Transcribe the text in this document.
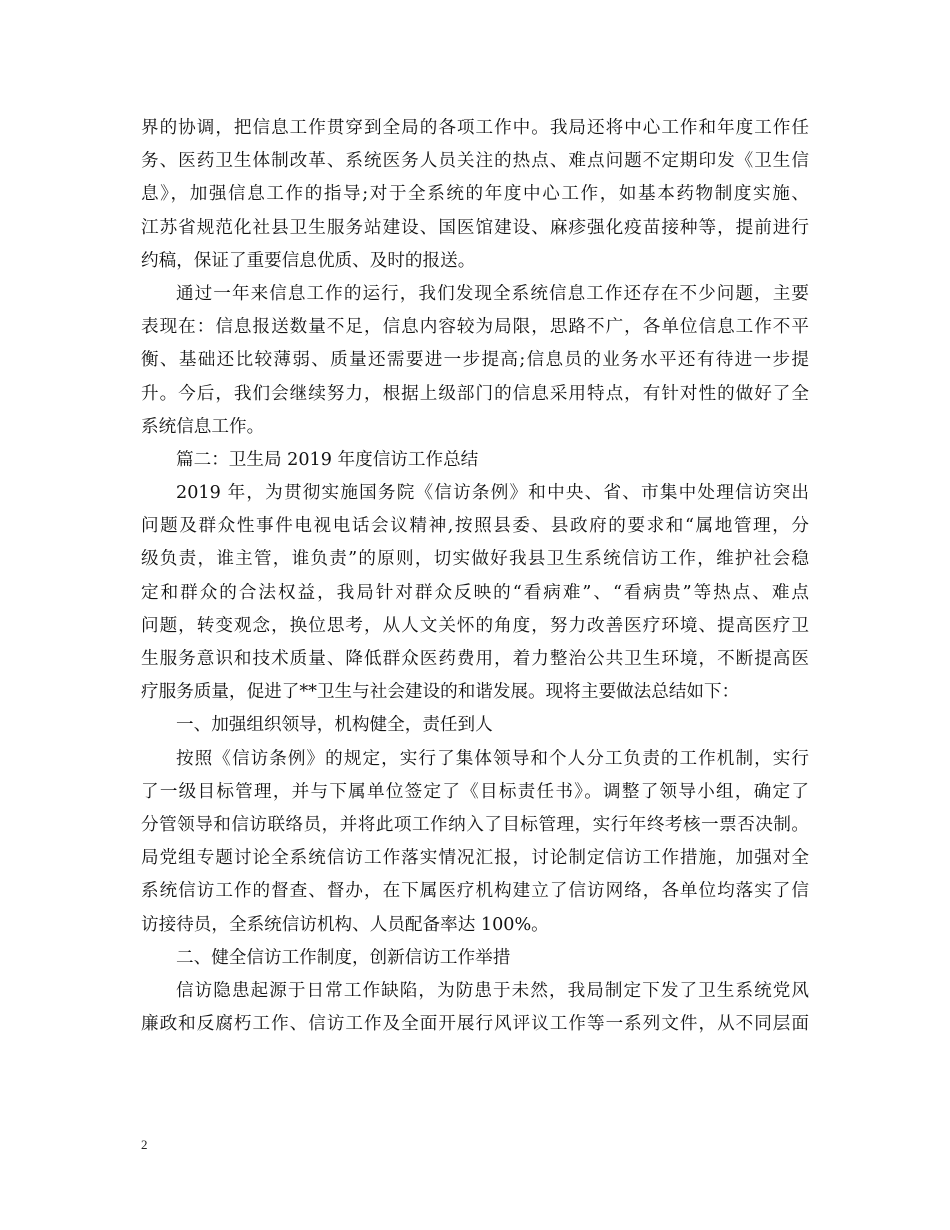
界的协调，把信息工作贯穿到全局的各项工作中。我局还将中心工作和年度工作任
务、医药卫生体制改革、系统医务人员关注的热点、难点问题不定期印发《卫生信
息》，加强信息工作的指导;对于全系统的年度中心工作，如基本药物制度实施、
江苏省规范化社县卫生服务站建设、国医馆建设、麻疹强化疫苗接种等，提前进行
约稿，保证了重要信息优质、及时的报送。
通过一年来信息工作的运行，我们发现全系统信息工作还存在不少问题，主要
表现在：信息报送数量不足，信息内容较为局限，思路不广，各单位信息工作不平
衡、基础还比较薄弱、质量还需要进一步提高;信息员的业务水平还有待进一步提
升。今后，我们会继续努力，根据上级部门的信息采用特点，有针对性的做好了全
系统信息工作。
篇二：卫生局 2019 年度信访工作总结
2019 年，为贯彻实施国务院《信访条例》和中央、省、市集中处理信访突出
问题及群众性事件电视电话会议精神,按照县委、县政府的要求和“属地管理，分
级负责，谁主管，谁负责”的原则，切实做好我县卫生系统信访工作，维护社会稳
定和群众的合法权益，我局针对群众反映的“看病难”、“看病贵”等热点、难点
问题，转变观念，换位思考，从人文关怀的角度，努力改善医疗环境、提高医疗卫
生服务意识和技术质量、降低群众医药费用，着力整治公共卫生环境，不断提高医
疗服务质量，促进了**卫生与社会建设的和谐发展。现将主要做法总结如下：
一、加强组织领导，机构健全，责任到人
按照《信访条例》的规定，实行了集体领导和个人分工负责的工作机制，实行
了一级目标管理，并与下属单位签定了《目标责任书》。调整了领导小组，确定了
分管领导和信访联络员，并将此项工作纳入了目标管理，实行年终考核一票否决制。
局党组专题讨论全系统信访工作落实情况汇报，讨论制定信访工作措施，加强对全
系统信访工作的督查、督办，在下属医疗机构建立了信访网络，各单位均落实了信
访接待员，全系统信访机构、人员配备率达 100%。
二、健全信访工作制度，创新信访工作举措
信访隐患起源于日常工作缺陷，为防患于未然，我局制定下发了卫生系统党风
廉政和反腐朽工作、信访工作及全面开展行风评议工作等一系列文件，从不同层面
2
